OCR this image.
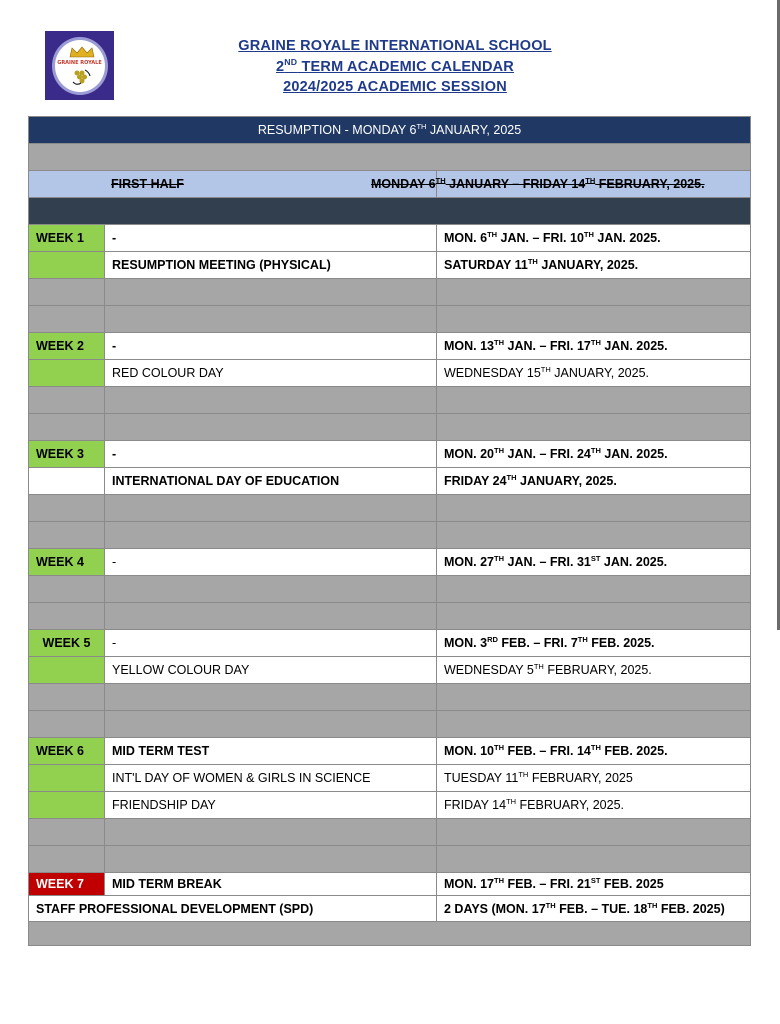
GRAINE ROYALE
GRAINE ROYALE INTERNATIONAL SCHOOL
2ND TERM ACADEMIC CALENDAR
2024/2025 ACADEMIC SESSION
RESUMPTION - MONDAY 6TH JANUARY, 2025		

FIRST HALF		MONDAY 6TH JANUARY – FRIDAY 14TH FEBRUARY, 2025.

WEEK 1	-	MON. 6TH JAN. – FRI. 10TH JAN. 2025.
	RESUMPTION MEETING (PHYSICAL)	SATURDAY 11TH JANUARY, 2025.

WEEK 2	-	MON. 13TH JAN. – FRI. 17TH JAN. 2025.
	RED COLOUR DAY	WEDNESDAY 15TH JANUARY, 2025.

WEEK 3	-	MON. 20TH JAN. – FRI. 24TH JAN. 2025.
	INTERNATIONAL DAY OF EDUCATION	FRIDAY 24TH JANUARY, 2025.

WEEK 4	-	MON. 27TH JAN. – FRI. 31ST JAN. 2025.

WEEK 5	-	MON. 3RD FEB. – FRI. 7TH FEB. 2025.
	YELLOW COLOUR DAY	WEDNESDAY 5TH FEBRUARY, 2025.

WEEK 6	MID TERM TEST	MON. 10TH FEB. – FRI. 14TH FEB. 2025.
	INT'L DAY OF WOMEN & GIRLS IN SCIENCE	TUESDAY 11TH FEBRUARY, 2025
	FRIENDSHIP DAY	FRIDAY 14TH FEBRUARY, 2025.

WEEK 7	MID TERM BREAK	MON. 17TH FEB. – FRI. 21ST FEB. 2025
STAFF PROFESSIONAL DEVELOPMENT (SPD)		2 DAYS (MON. 17TH FEB. – TUE. 18TH FEB. 2025)
